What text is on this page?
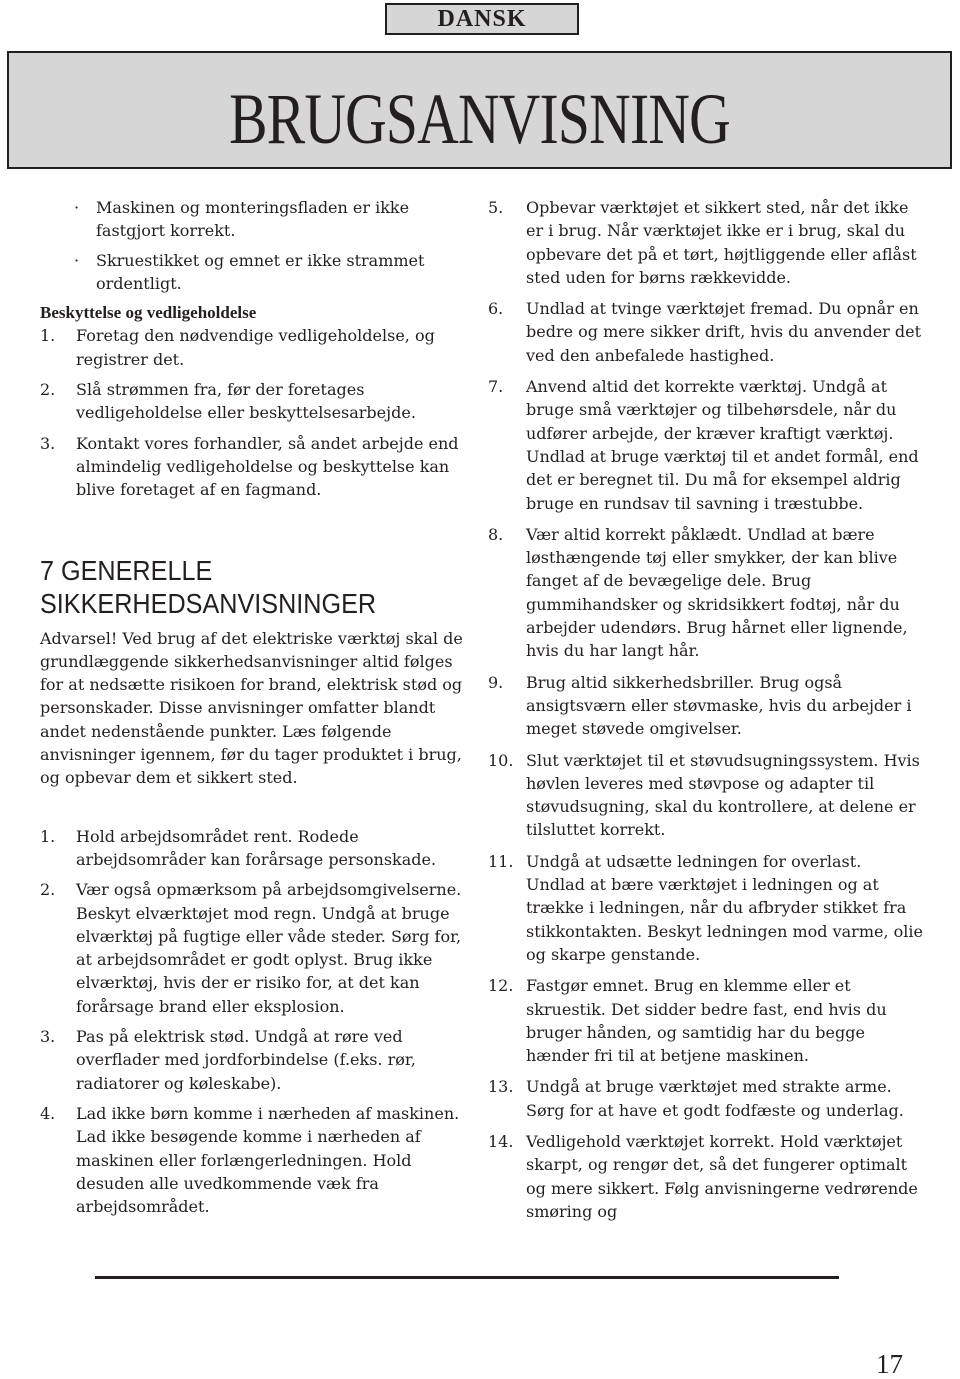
DANSK
BRUGSANVISNING
· Maskinen og monteringsfladen er ikke fastgjort korrekt.
· Skruestikket og emnet er ikke strammet ordentligt.
Beskyttelse og vedligeholdelse
1. Foretag den nødvendige vedligeholdelse, og registrer det.
2. Slå strømmen fra, før der foretages vedligeholdelse eller beskyttelsesarbejde.
3. Kontakt vores forhandler, så andet arbejde end almindelig vedligeholdelse og beskyttelse kan blive foretaget af en fagmand.
7 GENERELLE
SIKKERHEDSANVISNINGER
Advarsel! Ved brug af det elektriske værktøj skal de grundlæggende sikkerhedsanvisninger altid følges for at nedsætte risikoen for brand, elektrisk stød og personskader. Disse anvisninger omfatter blandt andet nedenstående punkter. Læs følgende anvisninger igennem, før du tager produktet i brug, og opbevar dem et sikkert sted.
1. Hold arbejdsområdet rent. Rodede arbejdsområder kan forårsage personskade.
2. Vær også opmærksom på arbejdsomgivelserne. Beskyt elværktøjet mod regn. Undgå at bruge elværktøj på fugtige eller våde steder. Sørg for, at arbejdsområdet er godt oplyst. Brug ikke elværktøj, hvis der er risiko for, at det kan forårsage brand eller eksplosion.
3. Pas på elektrisk stød. Undgå at røre ved overflader med jordforbindelse (f.eks. rør, radiatorer og køleskabe).
4. Lad ikke børn komme i nærheden af maskinen. Lad ikke besøgende komme i nærheden af maskinen eller forlængerledningen. Hold desuden alle uvedkommende væk fra arbejdsområdet.
5. Opbevar værktøjet et sikkert sted, når det ikke er i brug. Når værktøjet ikke er i brug, skal du opbevare det på et tørt, højtliggende eller aflåst sted uden for børns rækkevidde.
6. Undlad at tvinge værktøjet fremad. Du opnår en bedre og mere sikker drift, hvis du anvender det ved den anbefalede hastighed.
7. Anvend altid det korrekte værktøj. Undgå at bruge små værktøjer og tilbehørsdele, når du udfører arbejde, der kræver kraftigt værktøj. Undlad at bruge værktøj til et andet formål, end det er beregnet til. Du må for eksempel aldrig bruge en rundsav til savning i træstubbe.
8. Vær altid korrekt påklædt. Undlad at bære løsthængende tøj eller smykker, der kan blive fanget af de bevægelige dele. Brug gummihandsker og skridsikkert fodtøj, når du arbejder udendørs. Brug hårnet eller lignende, hvis du har langt hår.
9. Brug altid sikkerhedsbriller. Brug også ansigtsværn eller støvmaske, hvis du arbejder i meget støvede omgivelser.
10. Slut værktøjet til et støvudsugningssystem. Hvis høvlen leveres med støvpose og adapter til støvudsugning, skal du kontrollere, at delene er tilsluttet korrekt.
11. Undgå at udsætte ledningen for overlast. Undlad at bære værktøjet i ledningen og at trække i ledningen, når du afbryder stikket fra stikkontakten. Beskyt ledningen mod varme, olie og skarpe genstande.
12. Fastgør emnet. Brug en klemme eller et skruestik. Det sidder bedre fast, end hvis du bruger hånden, og samtidig har du begge hænder fri til at betjene maskinen.
13. Undgå at bruge værktøjet med strakte arme. Sørg for at have et godt fodfæste og underlag.
14. Vedligehold værktøjet korrekt. Hold værktøjet skarpt, og rengør det, så det fungerer optimalt og mere sikkert. Følg anvisningerne vedrørende smøring og
17
